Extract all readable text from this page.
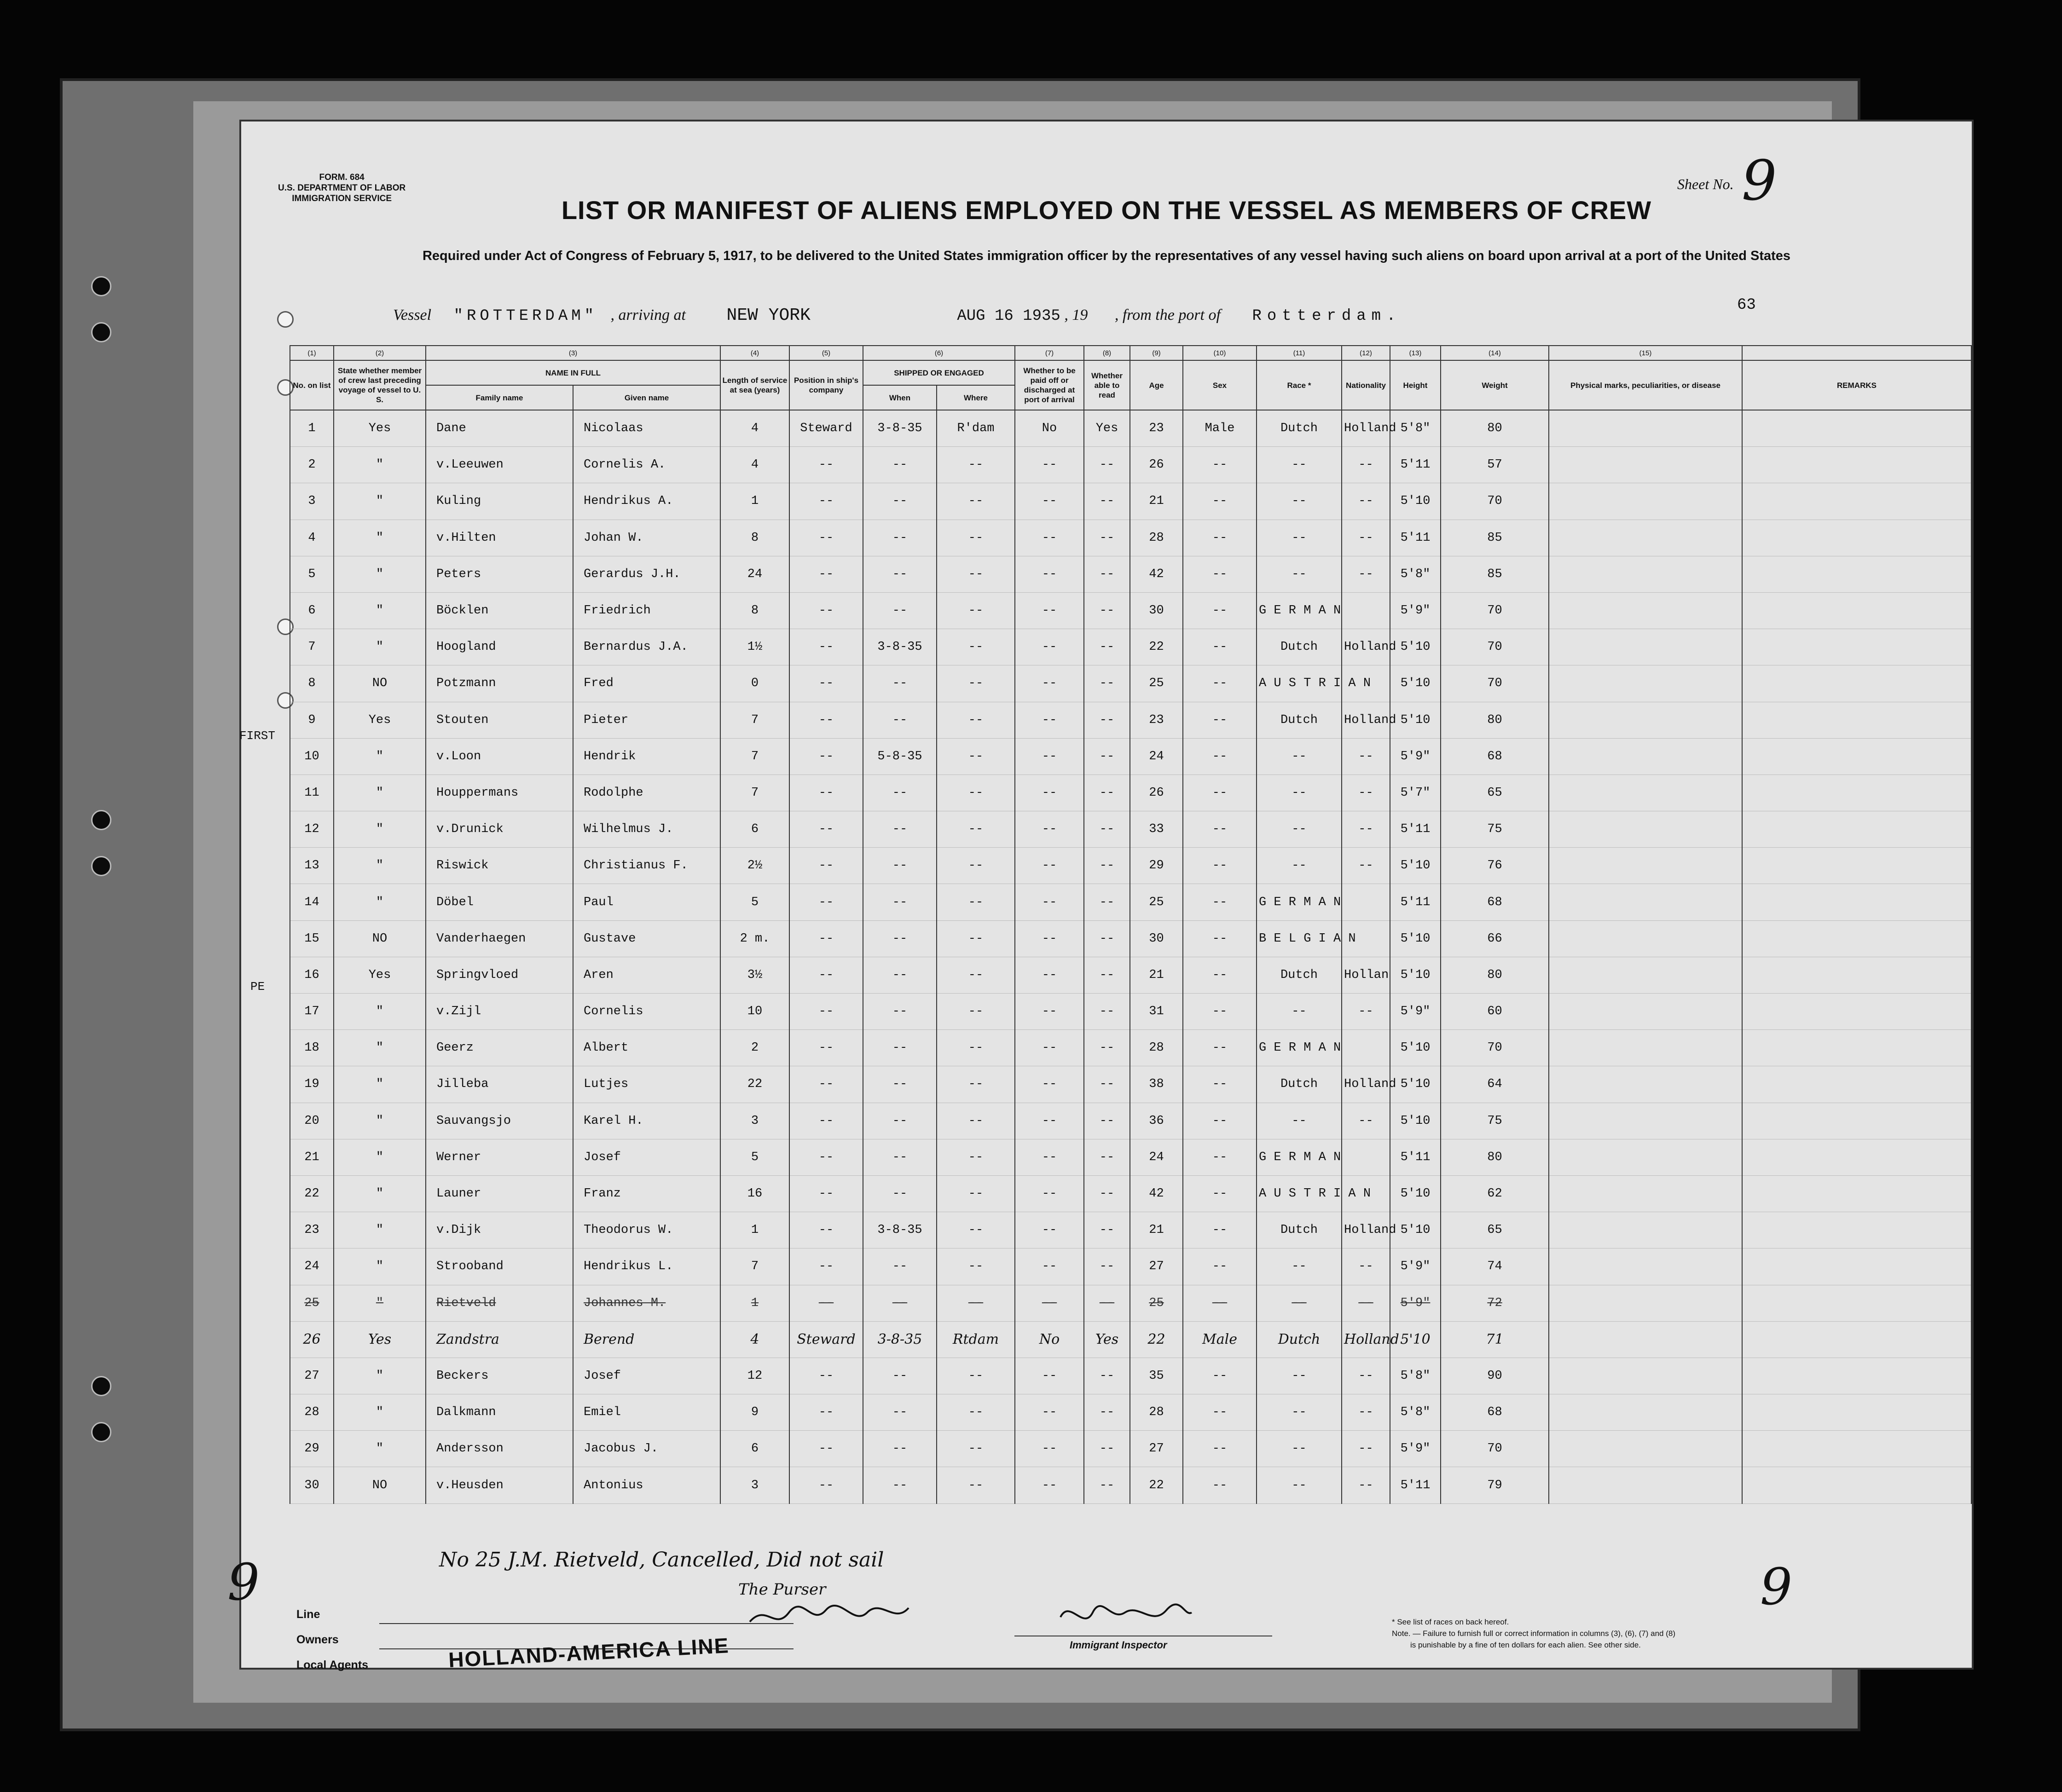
FORM. 684
U.S. DEPARTMENT OF LABOR
IMMIGRATION SERVICE
Sheet No. 9
LIST OR MANIFEST OF ALIENS EMPLOYED ON THE VESSEL AS MEMBERS OF CREW
Required under Act of Congress of February 5, 1917, to be delivered to the United States immigration officer by the representatives of any vessel having such aliens on board upon arrival at a port of the United States
63
Vessel "ROTTERDAM" , arriving at NEW YORK	AUG 16 1935 , 19 , from the port of Rotterdam.
(1)	(2)	(3)		(4)	(5)	(6)		(7)	(8)	(9)	(10)	(11)	(12)	(13)	(14)	(15)	
No. on list	State whether member of crew last preceding voyage of vessel to U. S.	NAME IN FULL		Length of service at sea (years)	Position in ship's company	SHIPPED OR ENGAGED		Whether to be paid off or discharged at port of arrival	Whether able to read	Age	Sex	Race *	Nationality	Height	Weight	Physical marks, peculiarities, or disease	REMARKS
		Family name	Given name			When	Where										
1	Yes	Dane	Nicolaas	4	Steward	3-8-35	R'dam	No	Yes	23	Male	Dutch	Holland	5'8"	80		
2	"	v.Leeuwen	Cornelis A.	4	--	--	--	--	--	26	--	--	--	5'11	57		
3	"	Kuling	Hendrikus A.	1	--	--	--	--	--	21	--	--	--	5'10	70		
4	"	v.Hilten	Johan W.	8	--	--	--	--	--	28	--	--	--	5'11	85		
5	"	Peters	Gerardus J.H.	24	--	--	--	--	--	42	--	--	--	5'8"	85		
6	"	Böcklen	Friedrich	8	--	--	--	--	--	30	--	G E R M A N		5'9"	70		
7	"	Hoogland	Bernardus J.A.	1½	--	3-8-35	--	--	--	22	--	Dutch	Holland	5'10	70		
8	NO	Potzmann	Fred	0	--	--	--	--	--	25	--	A U S T R I A N		5'10	70		
9	Yes	Stouten	Pieter	7	--	--	--	--	--	23	--	Dutch	Holland	5'10	80		
10	"	v.Loon	Hendrik	7	--	5-8-35	--	--	--	24	--	--	--	5'9"	68		
11	"	Houppermans	Rodolphe	7	--	--	--	--	--	26	--	--	--	5'7"	65		
12	"	v.Drunick	Wilhelmus J.	6	--	--	--	--	--	33	--	--	--	5'11	75		
13	"	Riswick	Christianus F.	2½	--	--	--	--	--	29	--	--	--	5'10	76		
14	"	Döbel	Paul	5	--	--	--	--	--	25	--	G E R M A N		5'11	68		
15	NO	Vanderhaegen	Gustave	2 m.	--	--	--	--	--	30	--	B E L G I A N		5'10	66		
16	Yes	Springvloed	Aren	3½	--	--	--	--	--	21	--	Dutch	Hollan	5'10	80		
17	"	v.Zijl	Cornelis	10	--	--	--	--	--	31	--	--	--	5'9"	60		
18	"	Geerz	Albert	2	--	--	--	--	--	28	--	G E R M A N		5'10	70		
19	"	Jilleba	Lutjes	22	--	--	--	--	--	38	--	Dutch	Holland	5'10	64		
20	"	Sauvangsjo	Karel H.	3	--	--	--	--	--	36	--	--	--	5'10	75		
21	"	Werner	Josef	5	--	--	--	--	--	24	--	G E R M A N		5'11	80		
22	"	Launer	Franz	16	--	--	--	--	--	42	--	A U S T R I A N		5'10	62		
23	"	v.Dijk	Theodorus W.	1	--	3-8-35	--	--	--	21	--	Dutch	Holland	5'10	65		
24	"	Strooband	Hendrikus L.	7	--	--	--	--	--	27	--	--	--	5'9"	74		
25	"	Rietveld	Johannes M.	1	--	--	--	--	--	25	--	--	--	5'9"	72		
26	Yes	Zandstra	Berend	4	Steward	3-8-35	Rtdam	No	Yes	22	Male	Dutch	Holland	5'10	71		
27	"	Beckers	Josef	12	--	--	--	--	--	35	--	--	--	5'8"	90		
28	"	Dalkmann	Emiel	9	--	--	--	--	--	28	--	--	--	5'8"	68		
29	"	Andersson	Jacobus J.	6	--	--	--	--	--	27	--	--	--	5'9"	70		
30	NO	v.Heusden	Antonius	3	--	--	--	--	--	22	--	--	--	5'11	79		
FIRST
PE
9	No 25 J.M. Rietveld, Cancelled, Did not sail
The Purser
Line
Owners
Local Agents	HOLLAND-AMERICA LINE	Immigrant Inspector
* See list of races on back hereof.
Note. — Failure to furnish full or correct information in columns (3), (6), (7) and (8)
is punishable by a fine of ten dollars for each alien. See other side.
9
